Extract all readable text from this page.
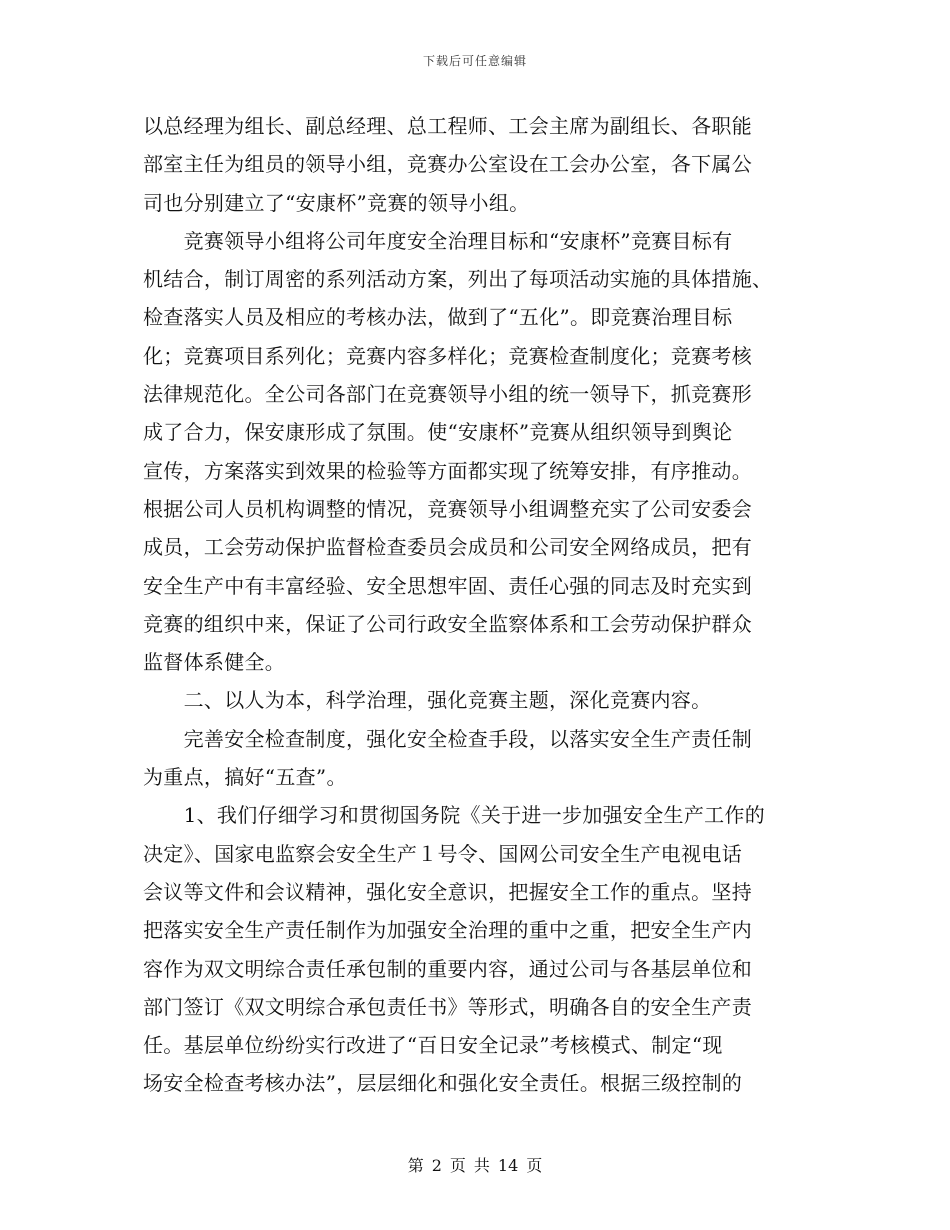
下载后可任意编辑
以总经理为组长、副总经理、总工程师、工会主席为副组长、各职能
部室主任为组员的领导小组，竞赛办公室设在工会办公室，各下属公
司也分别建立了“安康杯”竞赛的领导小组。
　　竞赛领导小组将公司年度安全治理目标和“安康杯”竞赛目标有
机结合，制订周密的系列活动方案，列出了每项活动实施的具体措施、
检查落实人员及相应的考核办法，做到了“五化”。即竞赛治理目标
化；竞赛项目系列化；竞赛内容多样化；竞赛检查制度化；竞赛考核
法律规范化。全公司各部门在竞赛领导小组的统一领导下，抓竞赛形
成了合力，保安康形成了氛围。使“安康杯”竞赛从组织领导到舆论
宣传，方案落实到效果的检验等方面都实现了统筹安排，有序推动。
根据公司人员机构调整的情况，竞赛领导小组调整充实了公司安委会
成员，工会劳动保护监督检查委员会成员和公司安全网络成员，把有
安全生产中有丰富经验、安全思想牢固、责任心强的同志及时充实到
竞赛的组织中来，保证了公司行政安全监察体系和工会劳动保护群众
监督体系健全。
　　二、以人为本，科学治理，强化竞赛主题，深化竞赛内容。
　　完善安全检查制度，强化安全检查手段，以落实安全生产责任制
为重点，搞好“五查”。
　　1、我们仔细学习和贯彻国务院《关于进一步加强安全生产工作的
决定》、国家电监察会安全生产１号令、国网公司安全生产电视电话
会议等文件和会议精神，强化安全意识，把握安全工作的重点。坚持
把落实安全生产责任制作为加强安全治理的重中之重，把安全生产内
容作为双文明综合责任承包制的重要内容，通过公司与各基层单位和
部门签订《双文明综合承包责任书》等形式，明确各自的安全生产责
任。基层单位纷纷实行改进了“百日安全记录”考核模式、制定“现
场安全检查考核办法”，层层细化和强化安全责任。根据三级控制的
第 2 页 共 14 页
